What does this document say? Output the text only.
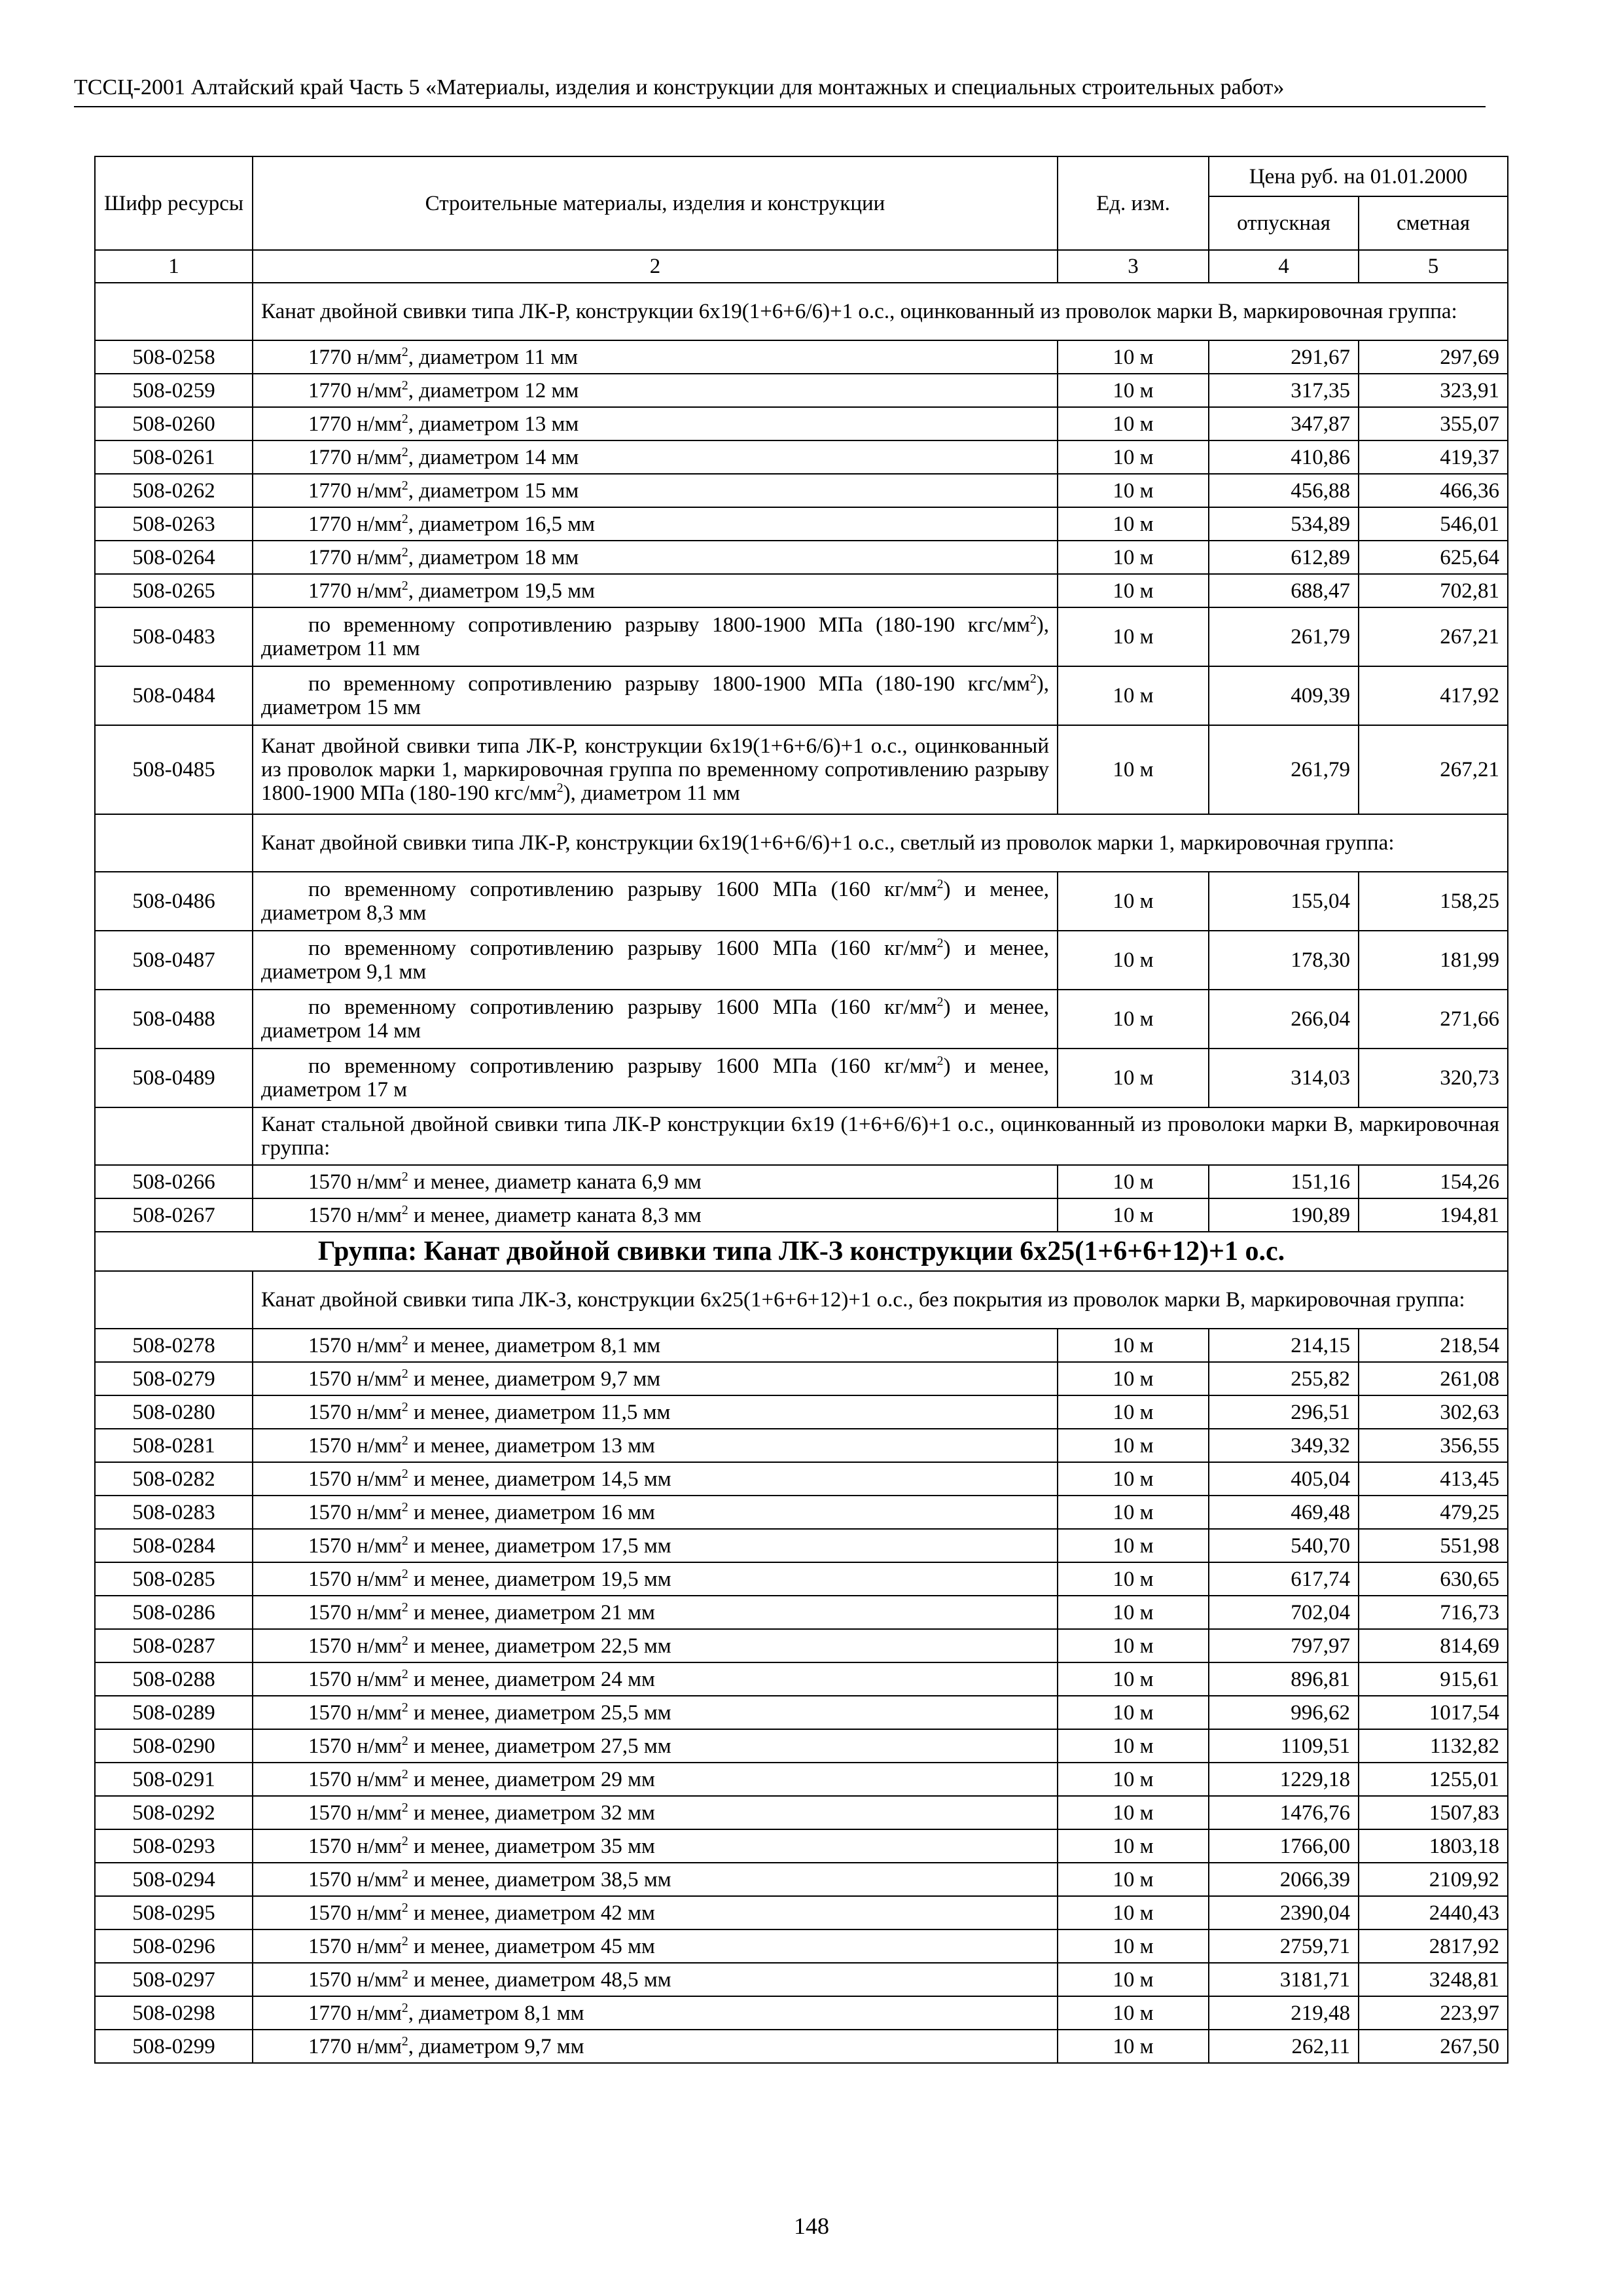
ТССЦ-2001 Алтайский край Часть 5 «Материалы, изделия и конструкции для монтажных и специальных строительных работ»
Шифр ресурсы	Строительные материалы, изделия и конструкции	Ед. изм.	Цена руб. на 01.01.2000	
			отпускная	сметная
1	2	3	4	5
	Канат двойной свивки типа ЛК-Р, конструкции 6х19(1+6+6/6)+1 о.с., оцинкованный из проволок марки В, маркировочная группа:			
508-0258	1770 $н/мм^2$, диаметром 11 мм	10 м	291,67	297,69
508-0259	1770 $н/мм^2$, диаметром 12 мм	10 м	317,35	323,91
508-0260	1770 $н/мм^2$, диаметром 13 мм	10 м	347,87	355,07
508-0261	1770 $н/мм^2$, диаметром 14 мм	10 м	410,86	419,37
508-0262	1770 $н/мм^2$, диаметром 15 мм	10 м	456,88	466,36
508-0263	1770 $н/мм^2$, диаметром 16,5 мм	10 м	534,89	546,01
508-0264	1770 $н/мм^2$, диаметром 18 мм	10 м	612,89	625,64
508-0265	1770 $н/мм^2$, диаметром 19,5 мм	10 м	688,47	702,81
508-0483	по временному сопротивлению разрыву 1800-1900 МПа (180-190 кгс/$мм^2$), диаметром 11 мм	10 м	261,79	267,21
508-0484	по временному сопротивлению разрыву 1800-1900 МПа (180-190 кгс/$мм^2$), диаметром 15 мм	10 м	409,39	417,92
508-0485	Канат двойной свивки типа ЛК-Р, конструкции 6х19(1+6+6/6)+1 о.с., оцинкованный из проволок марки 1, маркировочная группа по временному сопротивлению разрыву 1800-1900 МПа (180-190 кгс/$мм^2$), диаметром 11 мм	10 м	261,79	267,21
	Канат двойной свивки типа ЛК-Р, конструкции 6х19(1+6+6/6)+1 о.с., светлый из проволок марки 1, маркировочная группа:			
508-0486	по временному сопротивлению разрыву 1600 МПа (160 $кг/мм^2$) и менее, диаметром 8,3 мм	10 м	155,04	158,25
508-0487	по временному сопротивлению разрыву 1600 МПа (160 $кг/мм^2$) и менее, диаметром 9,1 мм	10 м	178,30	181,99
508-0488	по временному сопротивлению разрыву 1600 МПа (160 $кг/мм^2$) и менее, диаметром 14 мм	10 м	266,04	271,66
508-0489	по временному сопротивлению разрыву 1600 МПа (160 $кг/мм^2$) и менее, диаметром 17 м	10 м	314,03	320,73
	Канат стальной двойной свивки типа ЛК-Р конструкции 6х19 (1+6+6/6)+1 о.с., оцинкованный из проволоки марки В, маркировочная группа:			
508-0266	1570 $н/мм^2$ и менее, диаметр каната 6,9 мм	10 м	151,16	154,26
508-0267	1570 $н/мм^2$ и менее, диаметр каната 8,3 мм	10 м	190,89	194,81
Группа: Канат двойной свивки типа ЛК-З конструкции 6х25(1+6+6+12)+1 о.с.				
	Канат двойной свивки типа ЛК-З, конструкции 6х25(1+6+6+12)+1 о.с., без покрытия из проволок марки В, маркировочная группа:			
508-0278	1570 $н/мм^2$ и менее, диаметром 8,1 мм	10 м	214,15	218,54
508-0279	1570 $н/мм^2$ и менее, диаметром 9,7 мм	10 м	255,82	261,08
508-0280	1570 $н/мм^2$ и менее, диаметром 11,5 мм	10 м	296,51	302,63
508-0281	1570 $н/мм^2$ и менее, диаметром 13 мм	10 м	349,32	356,55
508-0282	1570 $н/мм^2$ и менее, диаметром 14,5 мм	10 м	405,04	413,45
508-0283	1570 $н/мм^2$ и менее, диаметром 16 мм	10 м	469,48	479,25
508-0284	1570 $н/мм^2$ и менее, диаметром 17,5 мм	10 м	540,70	551,98
508-0285	1570 $н/мм^2$ и менее, диаметром 19,5 мм	10 м	617,74	630,65
508-0286	1570 $н/мм^2$ и менее, диаметром 21 мм	10 м	702,04	716,73
508-0287	1570 $н/мм^2$ и менее, диаметром 22,5 мм	10 м	797,97	814,69
508-0288	1570 $н/мм^2$ и менее, диаметром 24 мм	10 м	896,81	915,61
508-0289	1570 $н/мм^2$ и менее, диаметром 25,5 мм	10 м	996,62	1017,54
508-0290	1570 $н/мм^2$ и менее, диаметром 27,5 мм	10 м	1109,51	1132,82
508-0291	1570 $н/мм^2$ и менее, диаметром 29 мм	10 м	1229,18	1255,01
508-0292	1570 $н/мм^2$ и менее, диаметром 32 мм	10 м	1476,76	1507,83
508-0293	1570 $н/мм^2$ и менее, диаметром 35 мм	10 м	1766,00	1803,18
508-0294	1570 $н/мм^2$ и менее, диаметром 38,5 мм	10 м	2066,39	2109,92
508-0295	1570 $н/мм^2$ и менее, диаметром 42 мм	10 м	2390,04	2440,43
508-0296	1570 $н/мм^2$ и менее, диаметром 45 мм	10 м	2759,71	2817,92
508-0297	1570 $н/мм^2$ и менее, диаметром 48,5 мм	10 м	3181,71	3248,81
508-0298	1770 $н/мм^2$, диаметром 8,1 мм	10 м	219,48	223,97
508-0299	1770 $н/мм^2$, диаметром 9,7 мм	10 м	262,11	267,50
148
